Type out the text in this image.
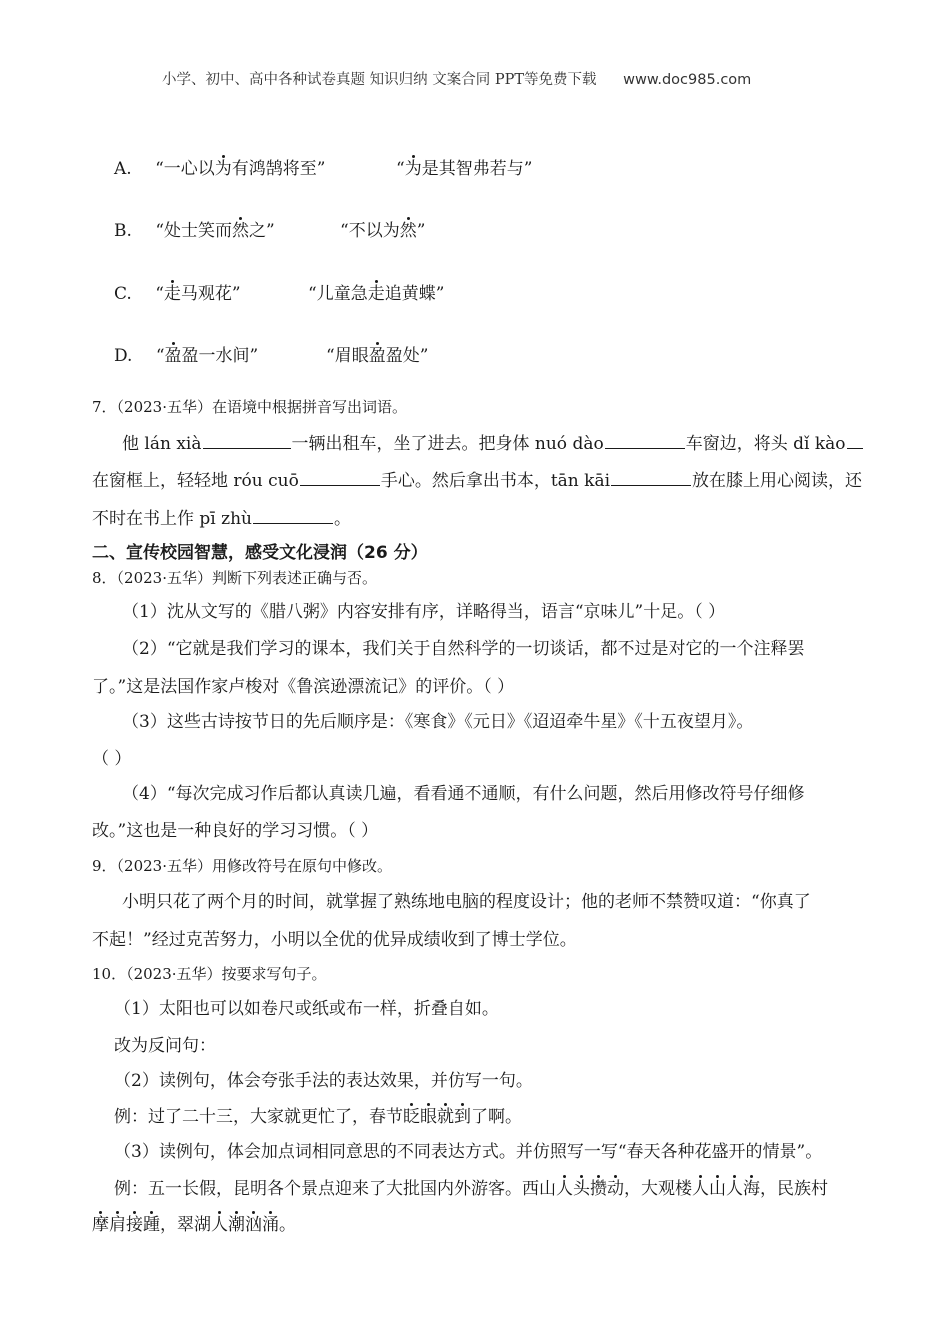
小学、初中、高中各种试卷真题 知识归纳 文案合同 PPT等免费下载 www.doc985.com
A. “一心以为有鸿鹄将至”	“为是其智弗若与”
B. “处士笑而然之”	“不以为然”
C. “走马观花”	“儿童急走追黄蝶”
D. “盈盈一水间”	“眉眼盈盈处”
7．（2023·五华）在语境中根据拼音写出词语。
他 lán xià	一辆出租车，坐了进去。把身体 nuó dào	车窗边，将头 dǐ kào
在窗框上，轻轻地 róu cuō	手心。然后拿出书本，tān kāi	放在膝上用心阅读，还
不时在书上作 pī zhù	。
二、宣传校园智慧，感受文化浸润（26 分）
8．（2023·五华）判断下列表述正确与否。
（1）沈从文写的《腊八粥》内容安排有序，详略得当，语言“京味儿”十足。（ ）
（2）“它就是我们学习的课本，我们关于自然科学的一切谈话，都不过是对它的一个注释罢
了。”这是法国作家卢梭对《鲁滨逊漂流记》的评价。（ ）
（3）这些古诗按节日的先后顺序是：《寒食》《元日》《迢迢牵牛星》《十五夜望月》。
（ ）
（4）“每次完成习作后都认真读几遍，看看通不通顺，有什么问题，然后用修改符号仔细修
改。”这也是一种良好的学习习惯。（ ）
9．（2023·五华）用修改符号在原句中修改。
小明只花了两个月的时间，就掌握了熟练地电脑的程度设计；他的老师不禁赞叹道：“你真了
不起！”经过克苦努力，小明以全优的优异成绩收到了博士学位。
10．（2023·五华）按要求写句子。
（1）太阳也可以如卷尺或纸或布一样，折叠自如。
改为反问句：
（2）读例句，体会夸张手法的表达效果，并仿写一句。
例：过了二十三，大家就更忙了，春节眨眼就到了啊。
（3）读例句，体会加点词相同意思的不同表达方式。并仿照写一写“春天各种花盛开的情景”。
例：五一长假，昆明各个景点迎来了大批国内外游客。西山人头攒动，大观楼人山人海，民族村
摩肩接踵，翠湖人潮汹涌。
